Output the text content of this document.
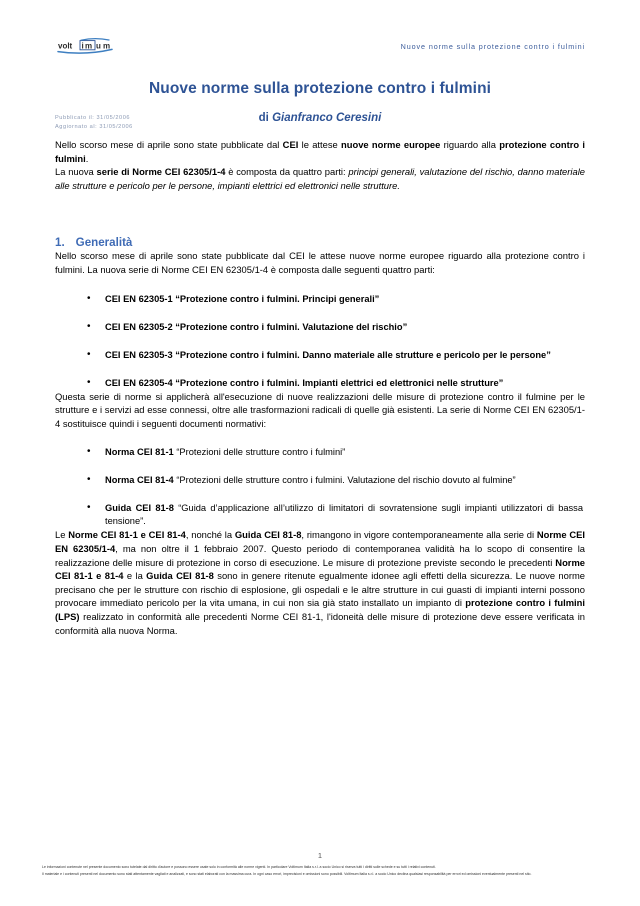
volt i m u m	Nuove norme sulla protezione contro i fulmini
Nuove norme sulla protezione contro i fulmini
Pubblicato il: 31/05/2006
Aggiornato al: 31/05/2006
di Gianfranco Ceresini

Nello scorso mese di aprile sono state pubblicate dal CEI le attese nuove norme europee riguardo alla protezione contro i fulmini.
La nuova serie di Norme CEI 62305/1-4 è composta da quattro parti: principi generali, valutazione del rischio, danno materiale alle strutture e pericolo per le persone, impianti elettrici ed elettronici nelle strutture.

1. Generalità

Nello scorso mese di aprile sono state pubblicate dal CEI le attese nuove norme europee riguardo alla protezione contro i fulmini. La nuova serie di Norme CEI EN 62305/1-4 è composta dalle seguenti quattro parti:

• CEI EN 62305-1 “Protezione contro i fulmini. Principi generali”
• CEI EN 62305-2 “Protezione contro i fulmini. Valutazione del rischio”
• CEI EN 62305-3 “Protezione contro i fulmini. Danno materiale alle strutture e pericolo per le persone”
• CEI EN 62305-4 “Protezione contro i fulmini. Impianti elettrici ed elettronici nelle strutture”

Questa serie di norme si applicherà all'esecuzione di nuove realizzazioni delle misure di protezione contro il fulmine per le strutture e i servizi ad esse connessi, oltre alle trasformazioni radicali di quelle già esistenti. La serie di Norme CEI EN 62305/1-4 sostituisce quindi i seguenti documenti normativi:

• Norma CEI 81-1 “Protezioni delle strutture contro i fulmini”
• Norma CEI 81-4 “Protezioni delle strutture contro i fulmini. Valutazione del rischio dovuto al fulmine”
• Guida CEI 81-8 “Guida d’applicazione all’utilizzo di limitatori di sovratensione sugli impianti utilizzatori di bassa tensione”.

Le Norme CEI 81-1 e CEI 81-4, nonché la Guida CEI 81-8, rimangono in vigore contemporaneamente alla serie di Norme CEI EN 62305/1-4, ma non oltre il 1 febbraio 2007. Questo periodo di contemporanea validità ha lo scopo di consentire la realizzazione delle misure di protezione in corso di esecuzione. Le misure di protezione previste secondo le precedenti Norme CEI 81-1 e 81-4 e la Guida CEI 81-8 sono in genere ritenute egualmente idonee agli effetti della sicurezza. Le nuove norme precisano che per le strutture con rischio di esplosione, gli ospedali e le altre strutture in cui guasti di impianti interni possono provocare immediato pericolo per la vita umana, in cui non sia già stato installato un impianto di protezione contro i fulmini (LPS) realizzato in conformità alle precedenti Norme CEI 81-1, l'idoneità delle misure di protezione deve essere verificata in conformità alla nuova Norma.

1

Le informazioni contenute nel presente documento sono tutelate dal diritto d'autore e possono essere usate solo in conformità alle norme vigenti. In particolare Voltimum Italia s.r.l. a socio Unico si riserva tutti i diritti sulle schede e su tutti i relativi contenuti.

Il materiale e i contenuti presenti nel documento sono stati attentamente vagliati e analizzati, e sono stati elaborati con la massima cura. In ogni caso errori, imprecisioni e omissioni sono possibili. Voltimum Italia s.r.l. a socio Unico declina qualsiasi responsabilità per errori ed omissioni eventualmente presenti nel sito.
